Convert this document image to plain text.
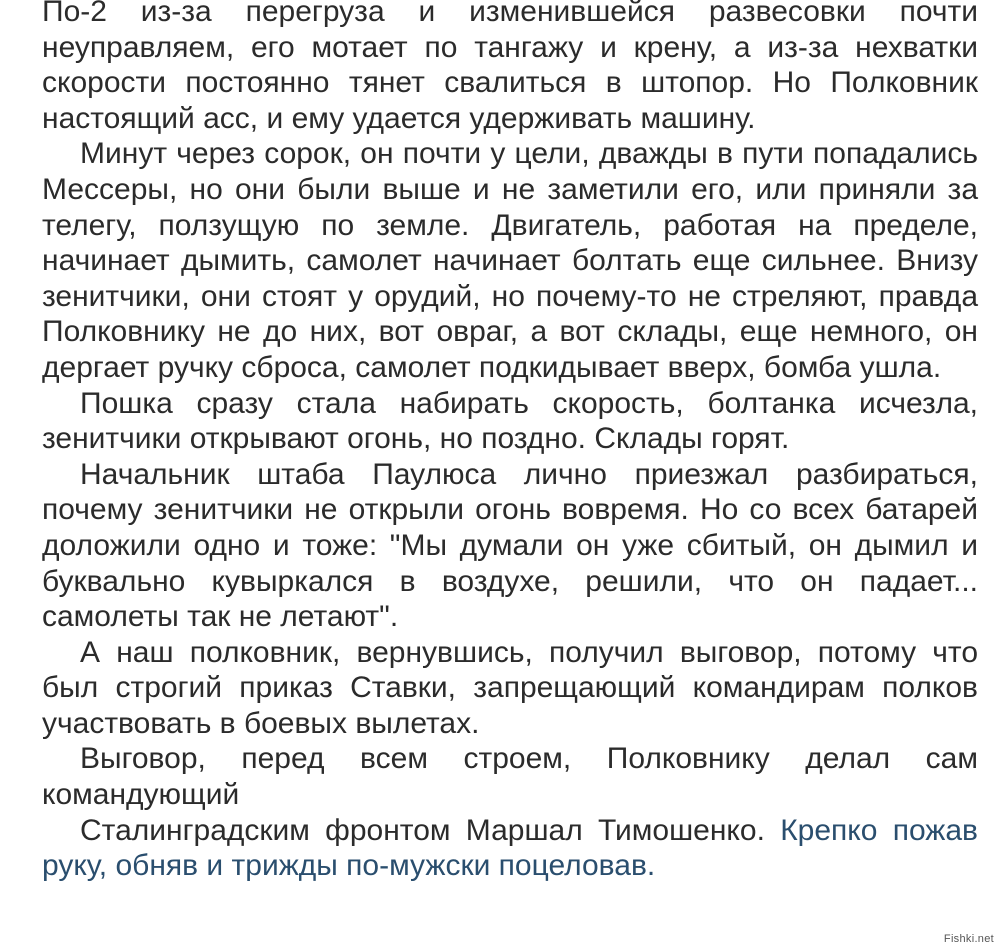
По-2 из-за перегруза и изменившейся развесовки почти неуправляем, его мотает по тангажу и крену, а из-за нехватки скорости постоянно тянет свалиться в штопор. Но Полковник настоящий асс, и ему удается удерживать машину.

Минут через сорок, он почти у цели, дважды в пути попадались Мессеры, но они были выше и не заметили его, или приняли за телегу, ползущую по земле. Двигатель, работая на пределе, начинает дымить, самолет начинает болтать еще сильнее. Внизу зенитчики, они стоят у орудий, но почему-то не стреляют, правда Полковнику не до них, вот овраг, а вот склады, еще немного, он дергает ручку сброса, самолет подкидывает вверх, бомба ушла.

Пошка сразу стала набирать скорость, болтанка исчезла, зенитчики открывают огонь, но поздно. Склады горят.

Начальник штаба Паулюса лично приезжал разбираться, почему зенитчики не открыли огонь вовремя. Но со всех батарей доложили одно и тоже: "Мы думали он уже сбитый, он дымил и буквально кувыркался в воздухе, решили, что он падает... самолеты так не летают".

А наш полковник, вернувшись, получил выговор, потому что был строгий приказ Ставки, запрещающий командирам полков участвовать в боевых вылетах.

Выговор, перед всем строем, Полковнику делал сам командующий

Сталинградским фронтом Маршал Тимошенко. Крепко пожав руку, обняв и трижды по-мужски поцеловав.

Fishki.net
